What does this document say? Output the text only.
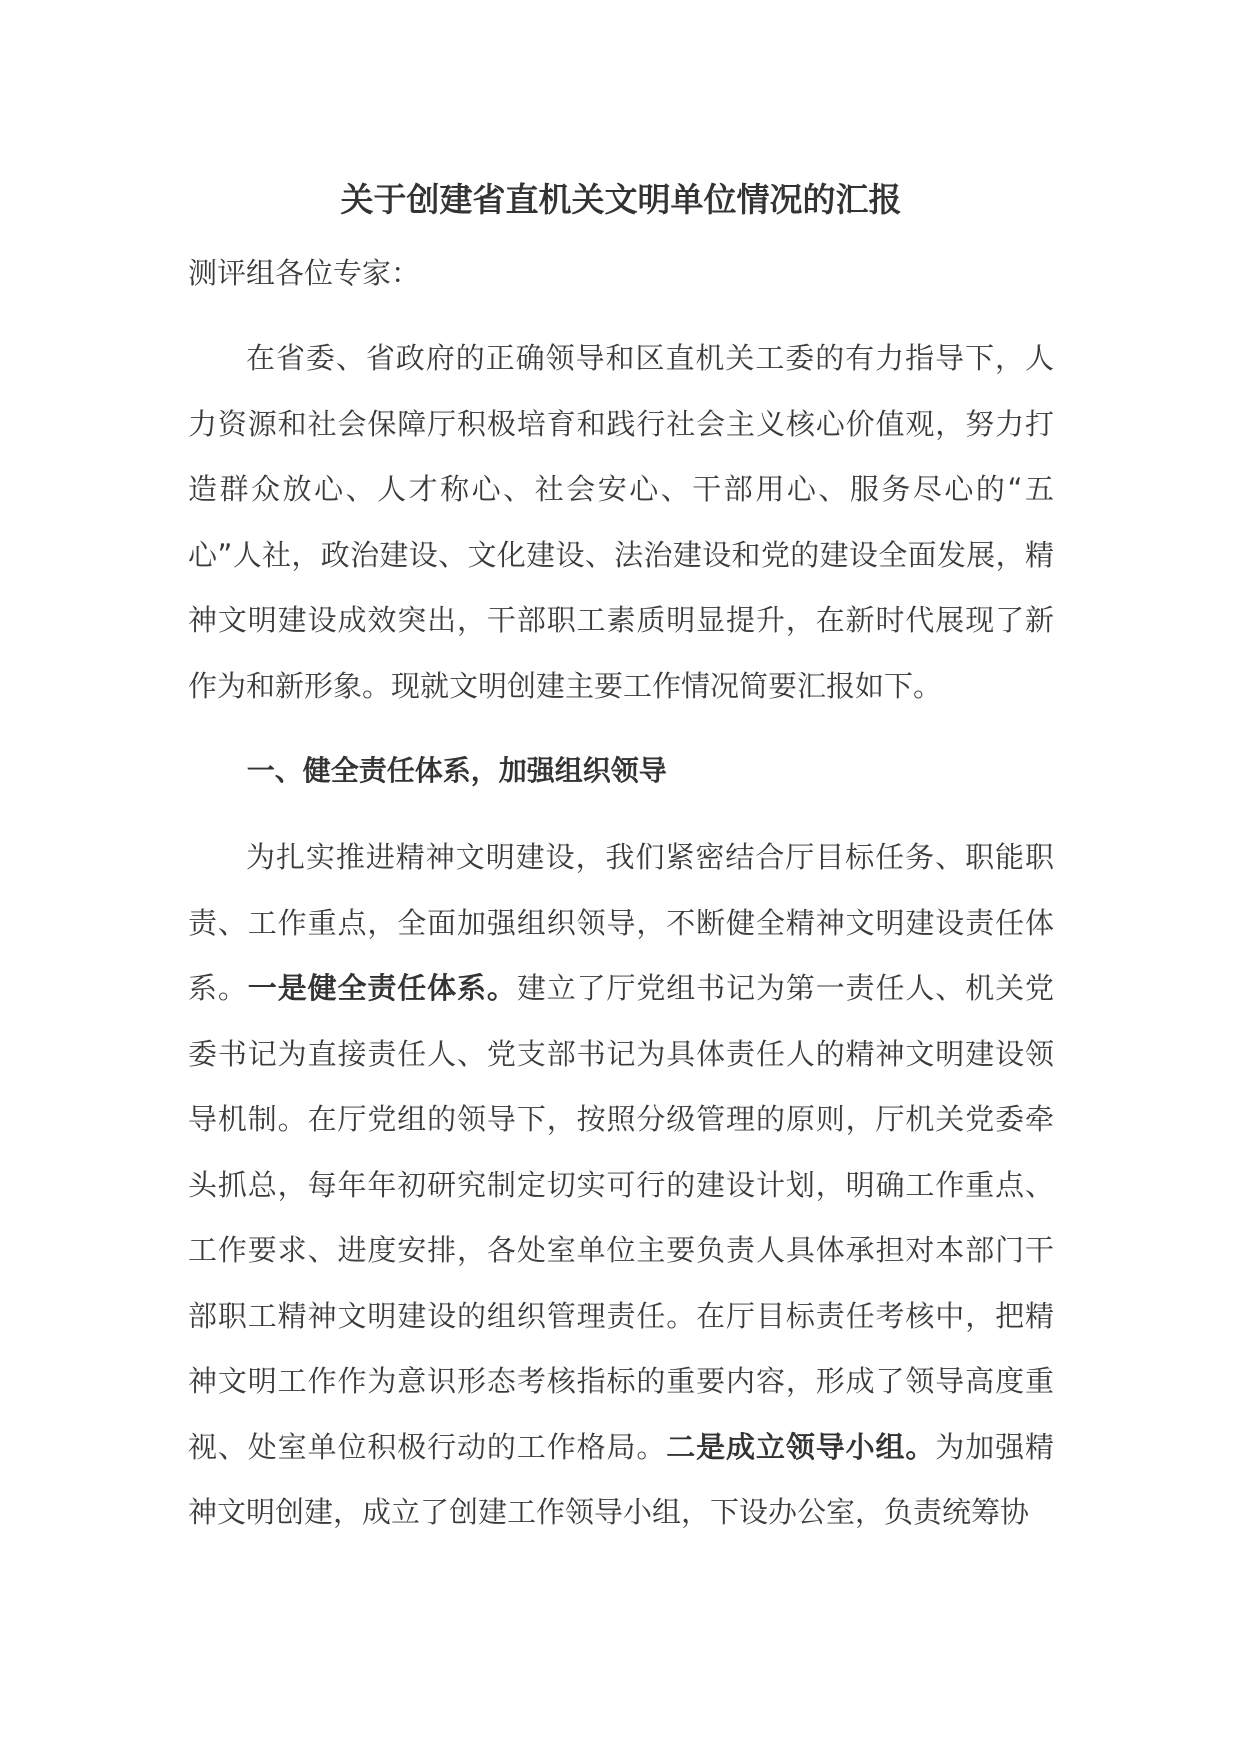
关于创建省直机关文明单位情况的汇报

测评组各位专家：

在省委、省政府的正确领导和区直机关工委的有力指导下，人力资源和社会保障厅积极培育和践行社会主义核心价值观，努力打造群众放心、人才称心、社会安心、干部用心、服务尽心的“五心”人社，政治建设、文化建设、法治建设和党的建设全面发展，精神文明建设成效突出，干部职工素质明显提升，在新时代展现了新作为和新形象。现就文明创建主要工作情况简要汇报如下。

一、健全责任体系，加强组织领导

为扎实推进精神文明建设，我们紧密结合厅目标任务、职能职责、工作重点，全面加强组织领导，不断健全精神文明建设责任体系。一是健全责任体系。建立了厅党组书记为第一责任人、机关党委书记为直接责任人、党支部书记为具体责任人的精神文明建设领导机制。在厅党组的领导下，按照分级管理的原则，厅机关党委牵头抓总，每年年初研究制定切实可行的建设计划，明确工作重点、工作要求、进度安排，各处室单位主要负责人具体承担对本部门干部职工精神文明建设的组织管理责任。在厅目标责任考核中，把精神文明工作作为意识形态考核指标的重要内容，形成了领导高度重视、处室单位积极行动的工作格局。二是成立领导小组。为加强精神文明创建，成立了创建工作领导小组，下设办公室，负责统筹协
